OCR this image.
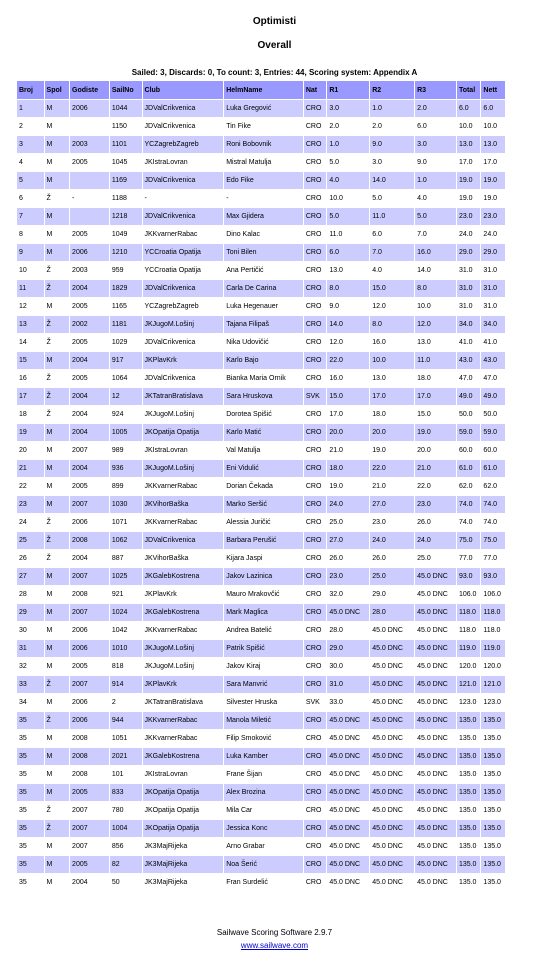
Optimisti
Overall
Sailed: 3, Discards: 0, To count: 3, Entries: 44, Scoring system: Appendix A
Broj	Spol	Godiste	SailNo	Club	HelmName	Nat	R1	R2	R3	Total	Nett
1	M	2006	1044	JDValCrikvenica	Luka Gregović	CRO	3.0	1.0	2.0	6.0	6.0
2	M		1150	JDValCrikvenica	Tin Fike	CRO	2.0	2.0	6.0	10.0	10.0
3	M	2003	1101	YCZagrebZagreb	Roni Bobovnik	CRO	1.0	9.0	3.0	13.0	13.0
4	M	2005	1045	JKIstraLovran	Mistral Matulja	CRO	5.0	3.0	9.0	17.0	17.0
5	M		1169	JDValCrikvenica	Edo Fike	CRO	4.0	14.0	1.0	19.0	19.0
6	Ž	-	1188	-	-	CRO	10.0	5.0	4.0	19.0	19.0
7	M		1218	JDValCrikvenica	Max Gjidera	CRO	5.0	11.0	5.0	23.0	23.0
8	M	2005	1049	JKKvarnerRabac	Dino Kalac	CRO	11.0	6.0	7.0	24.0	24.0
9	M	2006	1210	YCCroatia Opatija	Toni Bilen	CRO	6.0	7.0	16.0	29.0	29.0
10	Ž	2003	959	YCCroatia Opatija	Ana Pertičić	CRO	13.0	4.0	14.0	31.0	31.0
11	Ž	2004	1829	JDValCrikvenica	Carla De Carina	CRO	8.0	15.0	8.0	31.0	31.0
12	M	2005	1165	YCZagrebZagreb	Luka Hegenauer	CRO	9.0	12.0	10.0	31.0	31.0
13	Ž	2002	1181	JKJugoM.Lošinj	Tajana Filipaš	CRO	14.0	8.0	12.0	34.0	34.0
14	Ž	2005	1029	JDValCrikvenica	Nika Udovičić	CRO	12.0	16.0	13.0	41.0	41.0
15	M	2004	917	JKPlavKrk	Karlo Bajo	CRO	22.0	10.0	11.0	43.0	43.0
16	Ž	2005	1064	JDValCrikvenica	Bianka Maria Ornik	CRO	16.0	13.0	18.0	47.0	47.0
17	Ž	2004	12	JKTatranBratislava	Sara Hruskova	SVK	15.0	17.0	17.0	49.0	49.0
18	Ž	2004	924	JKJugoM.Lošinj	Dorotea Spišić	CRO	17.0	18.0	15.0	50.0	50.0
19	M	2004	1005	JKOpatija Opatija	Karlo Matić	CRO	20.0	20.0	19.0	59.0	59.0
20	M	2007	989	JKIstraLovran	Val Matulja	CRO	21.0	19.0	20.0	60.0	60.0
21	M	2004	936	JKJugoM.Lošinj	Eni Vidulić	CRO	18.0	22.0	21.0	61.0	61.0
22	M	2005	899	JKKvarnerRabac	Dorian Čekada	CRO	19.0	21.0	22.0	62.0	62.0
23	M	2007	1030	JKVihorBaška	Marko Seršić	CRO	24.0	27.0	23.0	74.0	74.0
24	Ž	2006	1071	JKKvarnerRabac	Alessia Juričić	CRO	25.0	23.0	26.0	74.0	74.0
25	Ž	2008	1062	JDValCrikvenica	Barbara Perušić	CRO	27.0	24.0	24.0	75.0	75.0
26	Ž	2004	887	JKVihorBaška	Kijara Jaspi	CRO	26.0	26.0	25.0	77.0	77.0
27	M	2007	1025	JKGalebKostrena	Jakov Lazinica	CRO	23.0	25.0	45.0 DNC	93.0	93.0
28	M	2008	921	JKPlavKrk	Mauro Mrakovčić	CRO	32.0	29.0	45.0 DNC	106.0	106.0
29	M	2007	1024	JKGalebKostrena	Mark Maglica	CRO	45.0 DNC	28.0	45.0 DNC	118.0	118.0
30	M	2006	1042	JKKvarnerRabac	Andrea Batelić	CRO	28.0	45.0 DNC	45.0 DNC	118.0	118.0
31	M	2006	1010	JKJugoM.Lošinj	Patrik Spišić	CRO	29.0	45.0 DNC	45.0 DNC	119.0	119.0
32	M	2005	818	JKJugoM.Lošinj	Jakov Kiraj	CRO	30.0	45.0 DNC	45.0 DNC	120.0	120.0
33	Ž	2007	914	JKPlavKrk	Sara Manvrić	CRO	31.0	45.0 DNC	45.0 DNC	121.0	121.0
34	M	2006	2	JKTatranBratislava	Silvester Hruska	SVK	33.0	45.0 DNC	45.0 DNC	123.0	123.0
35	Ž	2006	944	JKKvarnerRabac	Manola Miletić	CRO	45.0 DNC	45.0 DNC	45.0 DNC	135.0	135.0
35	M	2008	1051	JKKvarnerRabac	Filip Smoković	CRO	45.0 DNC	45.0 DNC	45.0 DNC	135.0	135.0
35	M	2008	2021	JKGalebKostrena	Luka Kamber	CRO	45.0 DNC	45.0 DNC	45.0 DNC	135.0	135.0
35	M	2008	101	JKIstraLovran	Frane Šijan	CRO	45.0 DNC	45.0 DNC	45.0 DNC	135.0	135.0
35	M	2005	833	JKOpatija Opatija	Alex Brozina	CRO	45.0 DNC	45.0 DNC	45.0 DNC	135.0	135.0
35	Ž	2007	780	JKOpatija Opatija	Mila Car	CRO	45.0 DNC	45.0 DNC	45.0 DNC	135.0	135.0
35	Ž	2007	1004	JKOpatija Opatija	Jessica Konc	CRO	45.0 DNC	45.0 DNC	45.0 DNC	135.0	135.0
35	M	2007	856	JK3MajRijeka	Arno Grabar	CRO	45.0 DNC	45.0 DNC	45.0 DNC	135.0	135.0
35	M	2005	82	JK3MajRijeka	Noa Šerić	CRO	45.0 DNC	45.0 DNC	45.0 DNC	135.0	135.0
35	M	2004	50	JK3MajRijeka	Fran Surdelić	CRO	45.0 DNC	45.0 DNC	45.0 DNC	135.0	135.0
Sailwave Scoring Software 2.9.7
www.sailwave.com
